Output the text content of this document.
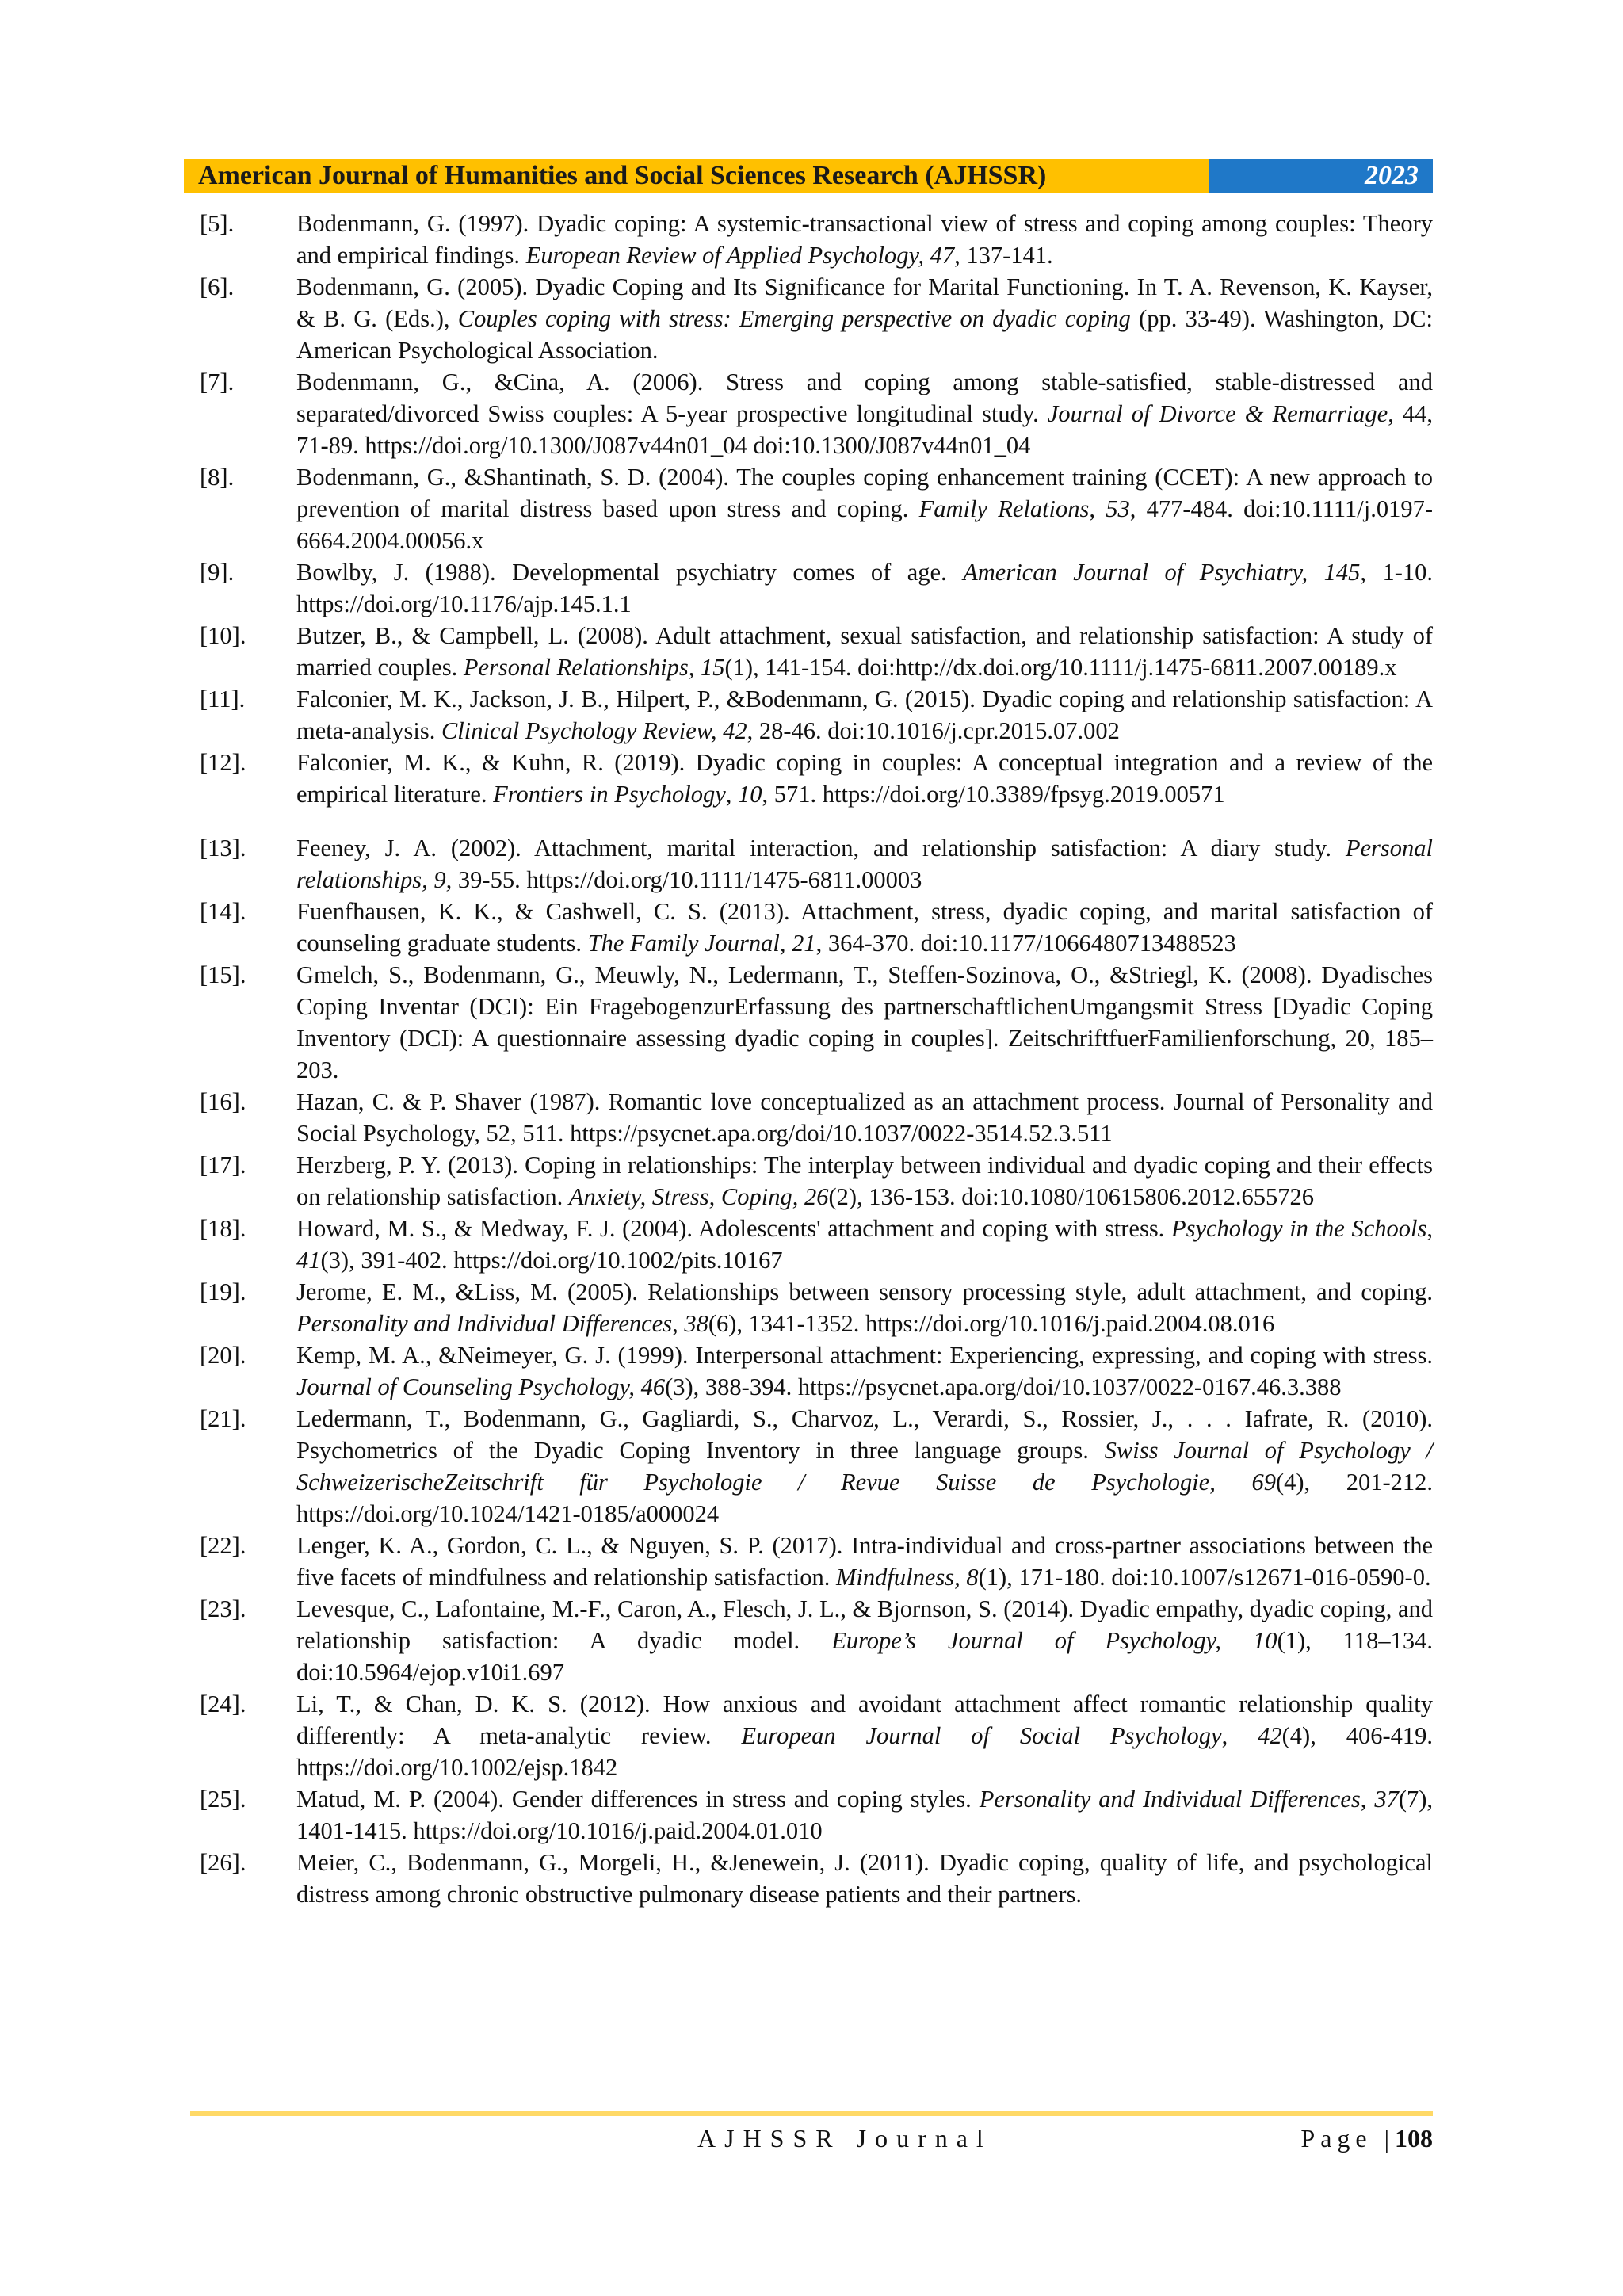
American Journal of Humanities and Social Sciences Research (AJHSSR)	2023
[5].	Bodenmann, G. (1997). Dyadic coping: A systemic-transactional view of stress and coping among couples: Theory and empirical findings. European Review of Applied Psychology, 47, 137-141.
[6].	Bodenmann, G. (2005). Dyadic Coping and Its Significance for Marital Functioning. In T. A. Revenson, K. Kayser, & B. G. (Eds.), Couples coping with stress: Emerging perspective on dyadic coping (pp. 33-49). Washington, DC: American Psychological Association.
[7].	Bodenmann, G., &Cina, A. (2006). Stress and coping among stable-satisfied, stable-distressed and separated/divorced Swiss couples: A 5-year prospective longitudinal study. Journal of Divorce & Remarriage, 44, 71-89. https://doi.org/10.1300/J087v44n01_04 doi:10.1300/J087v44n01_04
[8].	Bodenmann, G., &Shantinath, S. D. (2004). The couples coping enhancement training (CCET): A new approach to prevention of marital distress based upon stress and coping. Family Relations, 53, 477-484. doi:10.1111/j.0197-6664.2004.00056.x
[9].	Bowlby, J. (1988). Developmental psychiatry comes of age. American Journal of Psychiatry, 145, 1-10. https://doi.org/10.1176/ajp.145.1.1
[10].	Butzer, B., & Campbell, L. (2008). Adult attachment, sexual satisfaction, and relationship satisfaction: A study of married couples. Personal Relationships, 15(1), 141-154. doi:http://dx.doi.org/10.1111/j.1475-6811.2007.00189.x
[11].	Falconier, M. K., Jackson, J. B., Hilpert, P., &Bodenmann, G. (2015). Dyadic coping and relationship satisfaction: A meta-analysis. Clinical Psychology Review, 42, 28-46. doi:10.1016/j.cpr.2015.07.002
[12].	Falconier, M. K., & Kuhn, R. (2019). Dyadic coping in couples: A conceptual integration and a review of the empirical literature. Frontiers in Psychology, 10, 571. https://doi.org/10.3389/fpsyg.2019.00571
[13].	Feeney, J. A. (2002). Attachment, marital interaction, and relationship satisfaction: A diary study. Personal relationships, 9, 39-55. https://doi.org/10.1111/1475-6811.00003
[14].	Fuenfhausen, K. K., & Cashwell, C. S. (2013). Attachment, stress, dyadic coping, and marital satisfaction of counseling graduate students. The Family Journal, 21, 364-370. doi:10.1177/1066480713488523
[15].	Gmelch, S., Bodenmann, G., Meuwly, N., Ledermann, T., Steffen-Sozinova, O., &Striegl, K. (2008). Dyadisches Coping Inventar (DCI): Ein FragebogenzurErfassung des partnerschaftlichenUmgangsmit Stress [Dyadic Coping Inventory (DCI): A questionnaire assessing dyadic coping in couples]. ZeitschriftfuerFamilienforschung, 20, 185–203.
[16].	Hazan, C. & P. Shaver (1987). Romantic love conceptualized as an attachment process. Journal of Personality and Social Psychology, 52, 511. https://psycnet.apa.org/doi/10.1037/0022-3514.52.3.511
[17].	Herzberg, P. Y. (2013). Coping in relationships: The interplay between individual and dyadic coping and their effects on relationship satisfaction. Anxiety, Stress, Coping, 26(2), 136-153. doi:10.1080/10615806.2012.655726
[18].	Howard, M. S., & Medway, F. J. (2004). Adolescents' attachment and coping with stress. Psychology in the Schools, 41(3), 391-402. https://doi.org/10.1002/pits.10167
[19].	Jerome, E. M., &Liss, M. (2005). Relationships between sensory processing style, adult attachment, and coping. Personality and Individual Differences, 38(6), 1341-1352. https://doi.org/10.1016/j.paid.2004.08.016
[20].	Kemp, M. A., &Neimeyer, G. J. (1999). Interpersonal attachment: Experiencing, expressing, and coping with stress. Journal of Counseling Psychology, 46(3), 388-394. https://psycnet.apa.org/doi/10.1037/0022-0167.46.3.388
[21].	Ledermann, T., Bodenmann, G., Gagliardi, S., Charvoz, L., Verardi, S., Rossier, J., . . . Iafrate, R. (2010). Psychometrics of the Dyadic Coping Inventory in three language groups. Swiss Journal of Psychology / SchweizerischeZeitschrift für Psychologie / Revue Suisse de Psychologie, 69(4), 201-212. https://doi.org/10.1024/1421-0185/a000024
[22].	Lenger, K. A., Gordon, C. L., & Nguyen, S. P. (2017). Intra-individual and cross-partner associations between the five facets of mindfulness and relationship satisfaction. Mindfulness, 8(1), 171-180. doi:10.1007/s12671-016-0590-0.
[23].	Levesque, C., Lafontaine, M.-F., Caron, A., Flesch, J. L., & Bjornson, S. (2014). Dyadic empathy, dyadic coping, and relationship satisfaction: A dyadic model. Europe’s Journal of Psychology, 10(1), 118–134. doi:10.5964/ejop.v10i1.697
[24].	Li, T., & Chan, D. K. S. (2012). How anxious and avoidant attachment affect romantic relationship quality differently: A meta-analytic review. European Journal of Social Psychology, 42(4), 406-419. https://doi.org/10.1002/ejsp.1842
[25].	Matud, M. P. (2004). Gender differences in stress and coping styles. Personality and Individual Differences, 37(7), 1401-1415. https://doi.org/10.1016/j.paid.2004.01.010
[26].	Meier, C., Bodenmann, G., Morgeli, H., &Jenewein, J. (2011). Dyadic coping, quality of life, and psychological distress among chronic obstructive pulmonary disease patients and their partners.
AJHSSR Journal	Page |108
